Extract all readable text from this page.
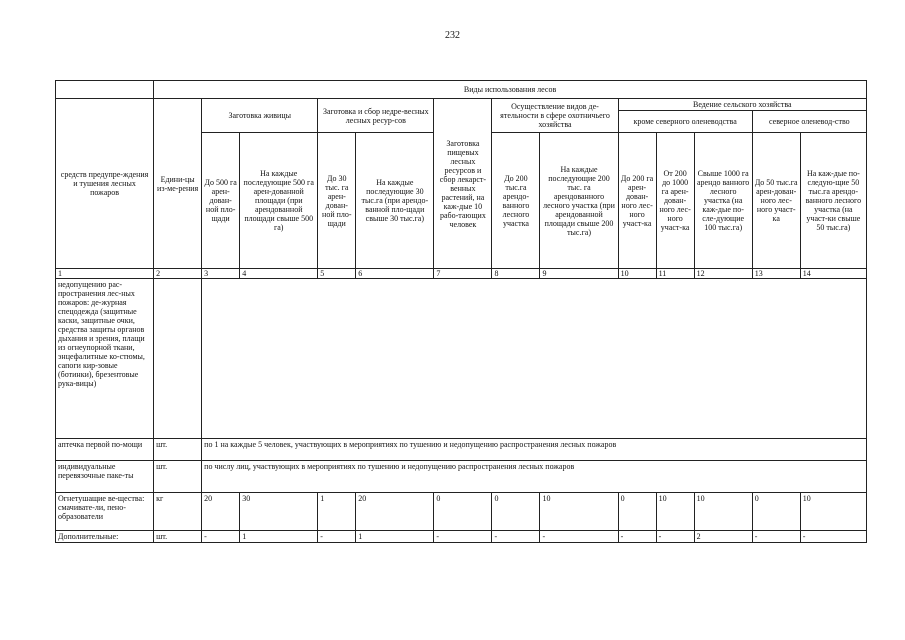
232
	Виды использования лесов												
средств предупре-ждения и тушения лесных пожаров	Едини-цы из-ме-рения	Заготовка живицы		Заготовка и сбор недре-весных лесных ресур-сов		Заготовка пищевых лесных ресурсов и сбор лекарст-венных растений, на каж-дые 10 рабо-тающих человек	Осуществление видов де-ятельности в сфере охотничьего хозяйства		Ведение сельского хозяйства				
									кроме северного оленеводства			северное оленевод-ство	
		До 500 га арен-дован-ной пло-щади	На каждые последующие 500 га арен-дованной площади (при арендованной площади свыше 500 га)	До 30 тыс. га арен-дован-ной пло-щади	На каждые последующие 30 тыс.га (при арендо-ванной пло-щади свыше 30 тыс.га)		До 200 тыс.га арендо-ванного лесного участка	На каждые последующие 200 тыс. га арендованного лесного участка (при арендованной площади свыше 200 тыс.га)	До 200 га арен-дован-ного лес-ного участ-ка	От 200 до 1000 га арен-дован-ного лес-ного участ-ка	Свыше 1000 га арендо ванного лесного участка (на каж-дые по-сле-дующие 100 тыс.га)	До 50 тыс.га арен-дован-ного лес-ного участ-ка	На каж-дые по-следую-щие 50 тыс.га арендо-ванного лесного участка (на участ-ки свыше 50 тыс.га)
1	2	3	4	5	6	7	8	9	10	11	12	13	14
недопущению рас-пространения лес-ных пожаров: де-журная спецодежда (защитные каски, защитные очки, средства защиты органов дыхания и зрения, плащи из огнеупорной ткани, энцефалитные ко-стюмы, сапоги кир-зовые (ботинки), брезентовые рука-вицы)													
аптечка первой по-мощи	шт.	по 1 на каждые 5 человек, участвующих в мероприятиях по тушению и недопущению распространения лесных пожаров											
индивидуальные перевязочные паке-ты	шт.	по числу лиц, участвующих в мероприятиях по тушению и недопущению распространения лесных пожаров											
Огнетушащие ве-щества: смачивате-ли, пено-образователи	кг	20	30	1	20	0	0	10	0	10	10	0	10
Дополнительные:	шт.	-	1	-	1	-	-	-	-	-	2	-	-
